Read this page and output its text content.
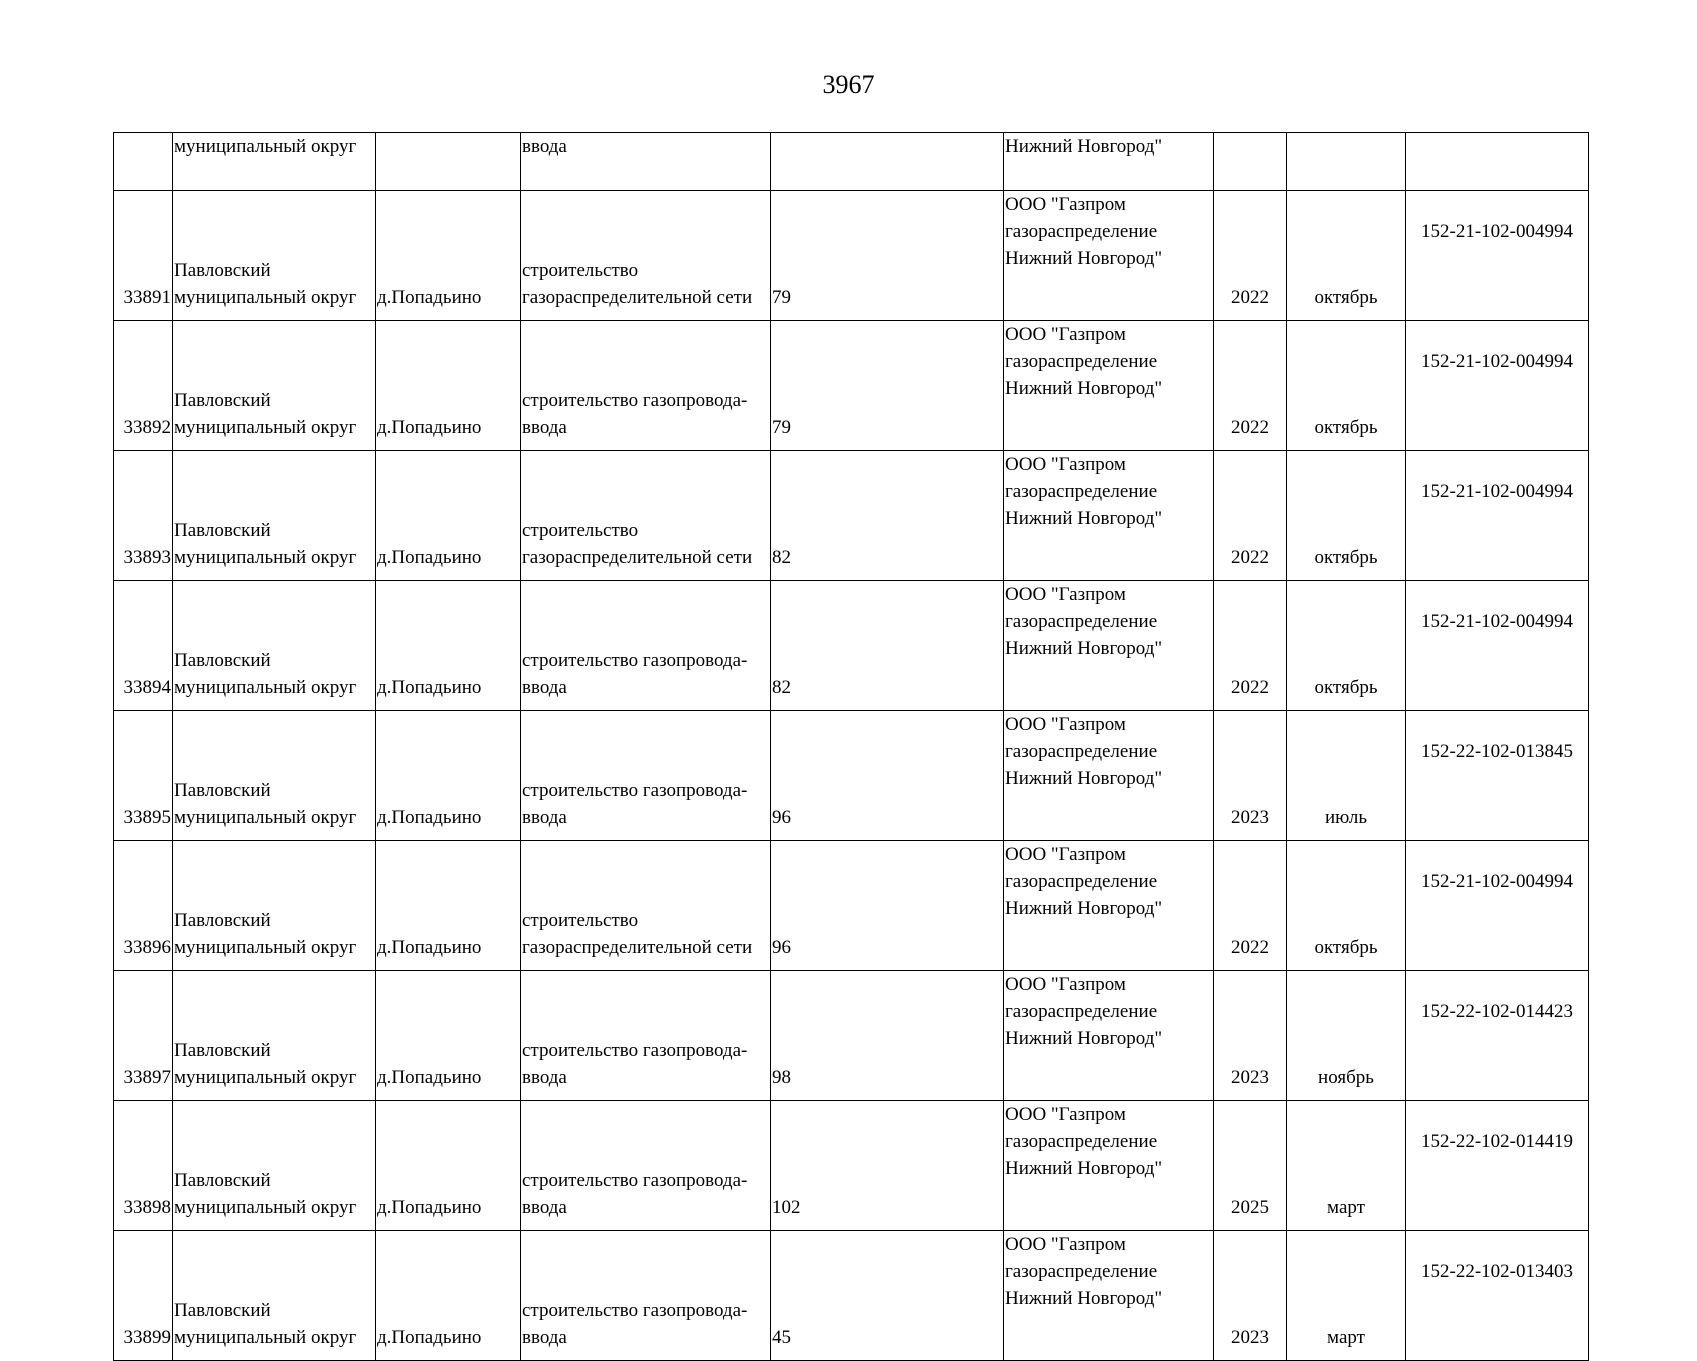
3967
	муниципальный округ		ввода		Нижний Новгород"			
33891	Павловский
муниципальный округ	д.Попадьино	строительство
газораспределительной сети	79	ООО "Газпром
газораспределение
Нижний Новгород"	2022	октябрь	152-21-102-004994
33892	Павловский
муниципальный округ	д.Попадьино	строительство газопровода-
ввода	79	ООО "Газпром
газораспределение
Нижний Новгород"	2022	октябрь	152-21-102-004994
33893	Павловский
муниципальный округ	д.Попадьино	строительство
газораспределительной сети	82	ООО "Газпром
газораспределение
Нижний Новгород"	2022	октябрь	152-21-102-004994
33894	Павловский
муниципальный округ	д.Попадьино	строительство газопровода-
ввода	82	ООО "Газпром
газораспределение
Нижний Новгород"	2022	октябрь	152-21-102-004994
33895	Павловский
муниципальный округ	д.Попадьино	строительство газопровода-
ввода	96	ООО "Газпром
газораспределение
Нижний Новгород"	2023	июль	152-22-102-013845
33896	Павловский
муниципальный округ	д.Попадьино	строительство
газораспределительной сети	96	ООО "Газпром
газораспределение
Нижний Новгород"	2022	октябрь	152-21-102-004994
33897	Павловский
муниципальный округ	д.Попадьино	строительство газопровода-
ввода	98	ООО "Газпром
газораспределение
Нижний Новгород"	2023	ноябрь	152-22-102-014423
33898	Павловский
муниципальный округ	д.Попадьино	строительство газопровода-
ввода	102	ООО "Газпром
газораспределение
Нижний Новгород"	2025	март	152-22-102-014419
33899	Павловский
муниципальный округ	д.Попадьино	строительство газопровода-
ввода	45	ООО "Газпром
газораспределение
Нижний Новгород"	2023	март	152-22-102-013403
